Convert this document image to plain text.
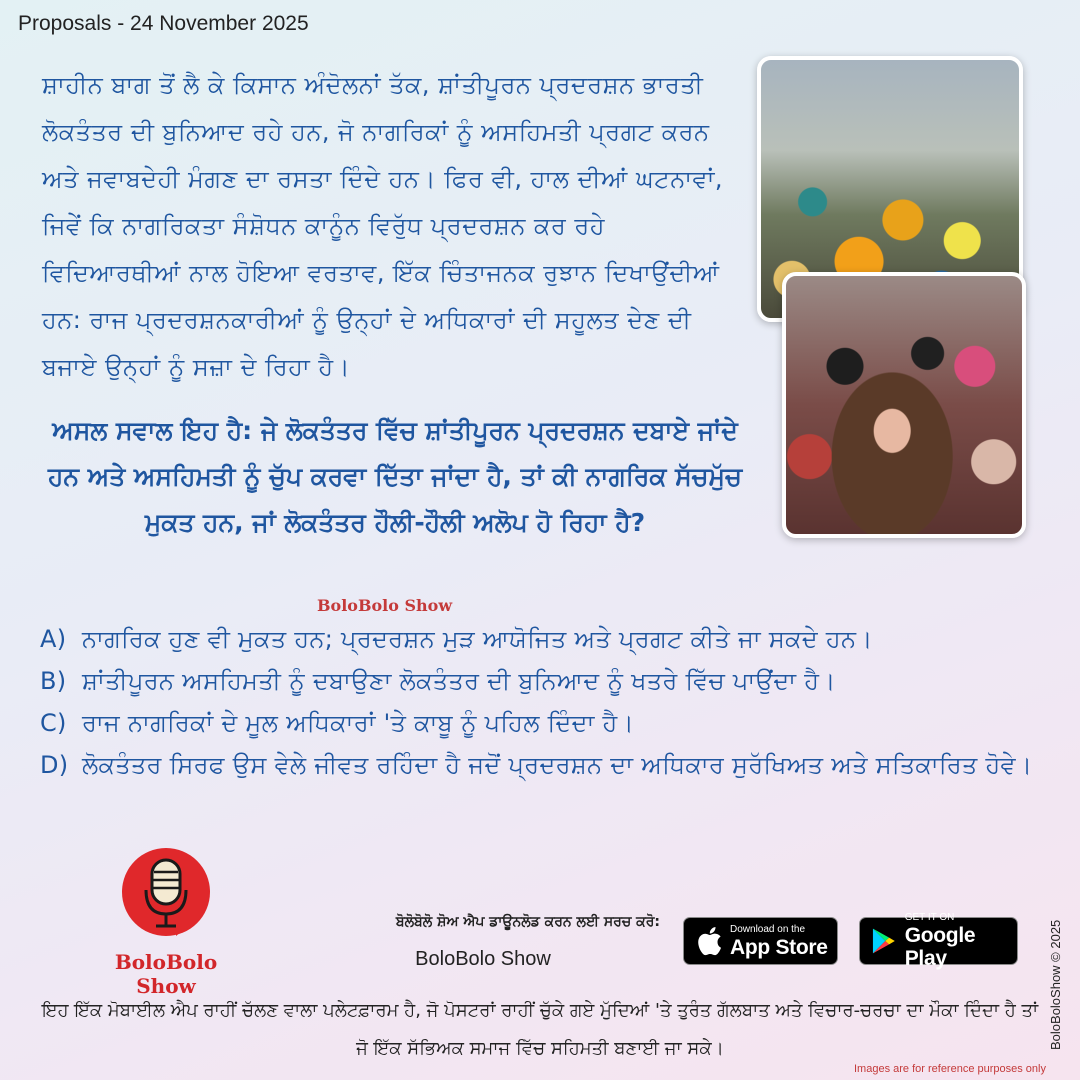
Proposals - 24 November 2025
ਸ਼ਾਹੀਨ ਬਾਗ ਤੋਂ ਲੈ ਕੇ ਕਿਸਾਨ ਅੰਦੋਲਨਾਂ ਤੱਕ, ਸ਼ਾਂਤੀਪੂਰਨ ਪ੍ਰਦਰਸ਼ਨ ਭਾਰਤੀ ਲੋਕਤੰਤਰ ਦੀ ਬੁਨਿਆਦ ਰਹੇ ਹਨ, ਜੋ ਨਾਗਰਿਕਾਂ ਨੂੰ ਅਸਹਿਮਤੀ ਪ੍ਰਗਟ ਕਰਨ ਅਤੇ ਜਵਾਬਦੇਹੀ ਮੰਗਣ ਦਾ ਰਸਤਾ ਦਿੰਦੇ ਹਨ। ਫਿਰ ਵੀ, ਹਾਲ ਦੀਆਂ ਘਟਨਾਵਾਂ, ਜਿਵੇਂ ਕਿ ਨਾਗਰਿਕਤਾ ਸੰਸ਼ੋਧਨ ਕਾਨੂੰਨ ਵਿਰੁੱਧ ਪ੍ਰਦਰਸ਼ਨ ਕਰ ਰਹੇ ਵਿਦਿਆਰਥੀਆਂ ਨਾਲ ਹੋਇਆ ਵਰਤਾਵ, ਇੱਕ ਚਿੰਤਾਜਨਕ ਰੁਝਾਨ ਦਿਖਾਉਂਦੀਆਂ ਹਨ: ਰਾਜ ਪ੍ਰਦਰਸ਼ਨਕਾਰੀਆਂ ਨੂੰ ਉਨ੍ਹਾਂ ਦੇ ਅਧਿਕਾਰਾਂ ਦੀ ਸਹੂਲਤ ਦੇਣ ਦੀ ਬਜਾਏ ਉਨ੍ਹਾਂ ਨੂੰ ਸਜ਼ਾ ਦੇ ਰਿਹਾ ਹੈ।
ਅਸਲ ਸਵਾਲ ਇਹ ਹੈ: ਜੇ ਲੋਕਤੰਤਰ ਵਿੱਚ ਸ਼ਾਂਤੀਪੂਰਨ ਪ੍ਰਦਰਸ਼ਨ ਦਬਾਏ ਜਾਂਦੇ ਹਨ ਅਤੇ ਅਸਹਿਮਤੀ ਨੂੰ ਚੁੱਪ ਕਰਵਾ ਦਿੱਤਾ ਜਾਂਦਾ ਹੈ, ਤਾਂ ਕੀ ਨਾਗਰਿਕ ਸੱਚਮੁੱਚ ਮੁਕਤ ਹਨ, ਜਾਂ ਲੋਕਤੰਤਰ ਹੌਲੀ-ਹੌਲੀ ਅਲੋਪ ਹੋ ਰਿਹਾ ਹੈ?
BoloBolo Show
A) ਨਾਗਰਿਕ ਹੁਣ ਵੀ ਮੁਕਤ ਹਨ; ਪ੍ਰਦਰਸ਼ਨ ਮੁੜ ਆਯੋਜਿਤ ਅਤੇ ਪ੍ਰਗਟ ਕੀਤੇ ਜਾ ਸਕਦੇ ਹਨ।
B) ਸ਼ਾਂਤੀਪੂਰਨ ਅਸਹਿਮਤੀ ਨੂੰ ਦਬਾਉਣਾ ਲੋਕਤੰਤਰ ਦੀ ਬੁਨਿਆਦ ਨੂੰ ਖਤਰੇ ਵਿੱਚ ਪਾਉਂਦਾ ਹੈ।
C) ਰਾਜ ਨਾਗਰਿਕਾਂ ਦੇ ਮੂਲ ਅਧਿਕਾਰਾਂ 'ਤੇ ਕਾਬੂ ਨੂੰ ਪਹਿਲ ਦਿੰਦਾ ਹੈ।
D) ਲੋਕਤੰਤਰ ਸਿਰਫ ਉਸ ਵੇਲੇ ਜੀਵਤ ਰਹਿੰਦਾ ਹੈ ਜਦੋਂ ਪ੍ਰਦਰਸ਼ਨ ਦਾ ਅਧਿਕਾਰ ਸੁਰੱਖਿਅਤ ਅਤੇ ਸਤਿਕਾਰਿਤ ਹੋਵੇ।
BoloBolo Show
ਬੋਲੋਬੋਲੋ ਸ਼ੋਅ ਐਪ ਡਾਊਨਲੋਡ ਕਰਨ ਲਈ ਸਰਚ ਕਰੋ:
BoloBolo Show
Download on the
App Store
GET IT ON
Google Play
ਇਹ ਇੱਕ ਮੋਬਾਈਲ ਐਪ ਰਾਹੀਂ ਚੱਲਣ ਵਾਲਾ ਪਲੇਟਫ਼ਾਰਮ ਹੈ, ਜੋ ਪੋਸਟਰਾਂ ਰਾਹੀਂ ਚੁੱਕੇ ਗਏ ਮੁੱਦਿਆਂ 'ਤੇ ਤੁਰੰਤ ਗੱਲਬਾਤ ਅਤੇ ਵਿਚਾਰ-ਚਰਚਾ ਦਾ ਮੌਕਾ ਦਿੰਦਾ ਹੈ ਤਾਂ ਜੋ ਇੱਕ ਸੱਭਿਅਕ ਸਮਾਜ ਵਿੱਚ ਸਹਿਮਤੀ ਬਣਾਈ ਜਾ ਸਕੇ।	BoloBoloShow © 2025
Images are for reference purposes only
